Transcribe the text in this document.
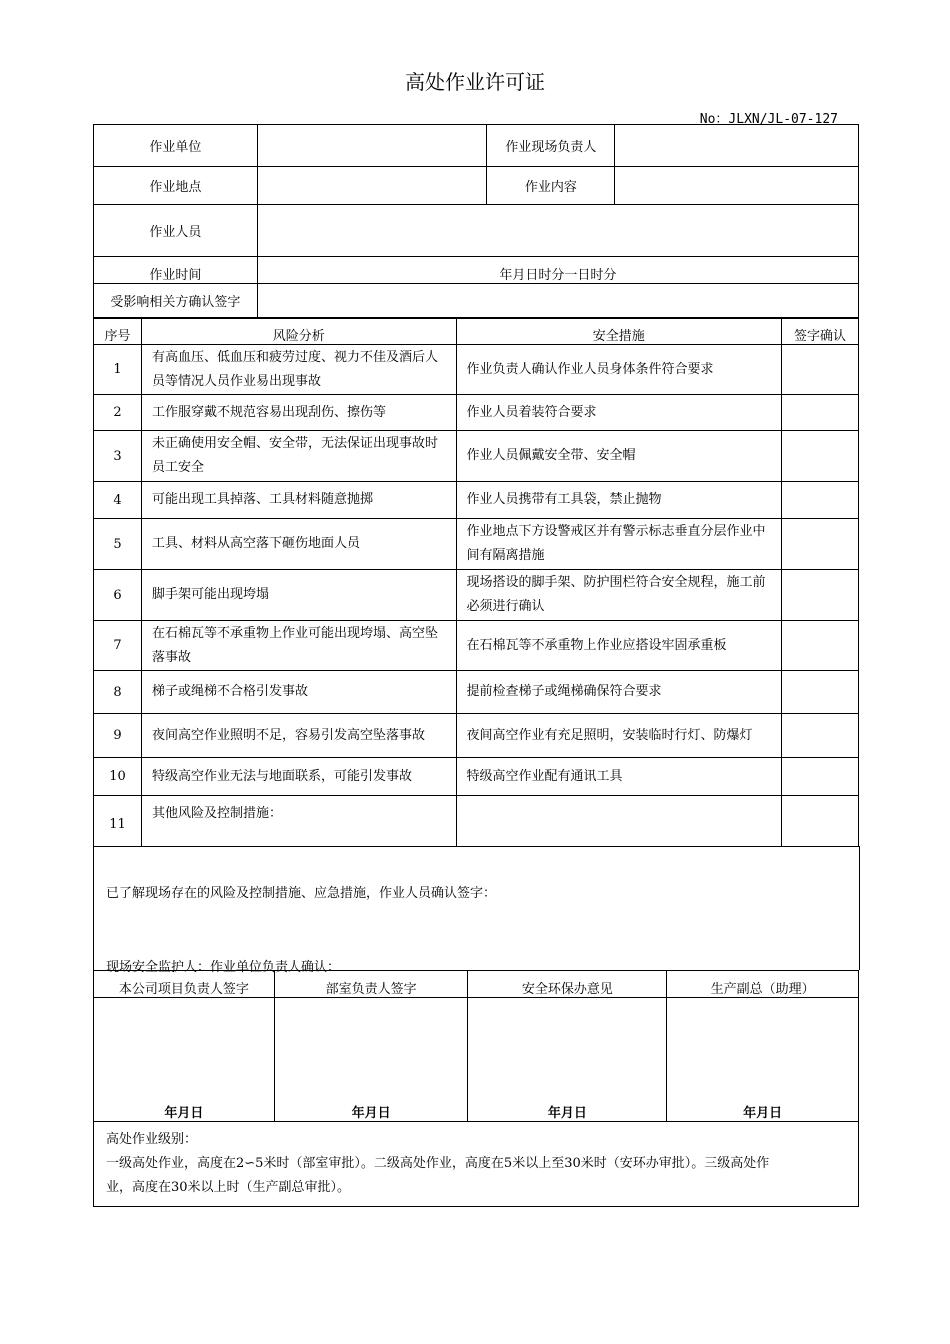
高处作业许可证
No：JLXN/JL-07-127
作业单位		作业现场负责人	
作业地点		作业内容	
作业人员			
作业时间	年月日时分一日时分		
受影响相关方确认签字			
序号	风险分析	安全措施	签字确认
1	有高血压、低血压和疲劳过度、视力不佳及酒后人员等情况人员作业易出现事故	作业负责人确认作业人员身体条件符合要求	
2	工作服穿戴不规范容易出现刮伤、擦伤等	作业人员着装符合要求	
3	未正确使用安全帽、安全带，无法保证出现事故时员工安全	作业人员佩戴安全带、安全帽	
4	可能出现工具掉落、工具材料随意抛掷	作业人员携带有工具袋，禁止抛物	
5	工具、材料从高空落下砸伤地面人员	作业地点下方设警戒区并有警示标志垂直分层作业中间有隔离措施	
6	脚手架可能出现垮塌	现场搭设的脚手架、防护围栏符合安全规程，施工前必须进行确认	
7	在石棉瓦等不承重物上作业可能出现垮塌、高空坠落事故	在石棉瓦等不承重物上作业应搭设牢固承重板	
8	梯子或绳梯不合格引发事故	提前检查梯子或绳梯确保符合要求	
9	夜间高空作业照明不足，容易引发高空坠落事故	夜间高空作业有充足照明，安装临时行灯、防爆灯	
10	特级高空作业无法与地面联系，可能引发事故	特级高空作业配有通讯工具	
11	其他风险及控制措施：		
已了解现场存在的风险及控制措施、应急措施，作业人员确认签字：
现场安全监护人：作业单位负责人确认：
本公司项目负责人签字	部室负责人签字	安全环保办意见	生产副总（助理）
年月日	年月日	年月日	年月日

高处作业级别：
一级高处作业，高度在2∽5米时（部室审批）。二级高处作业，高度在5米以上至30米时（安环办审批）。三级高处作
业，高度在30米以上时（生产副总审批）。			
